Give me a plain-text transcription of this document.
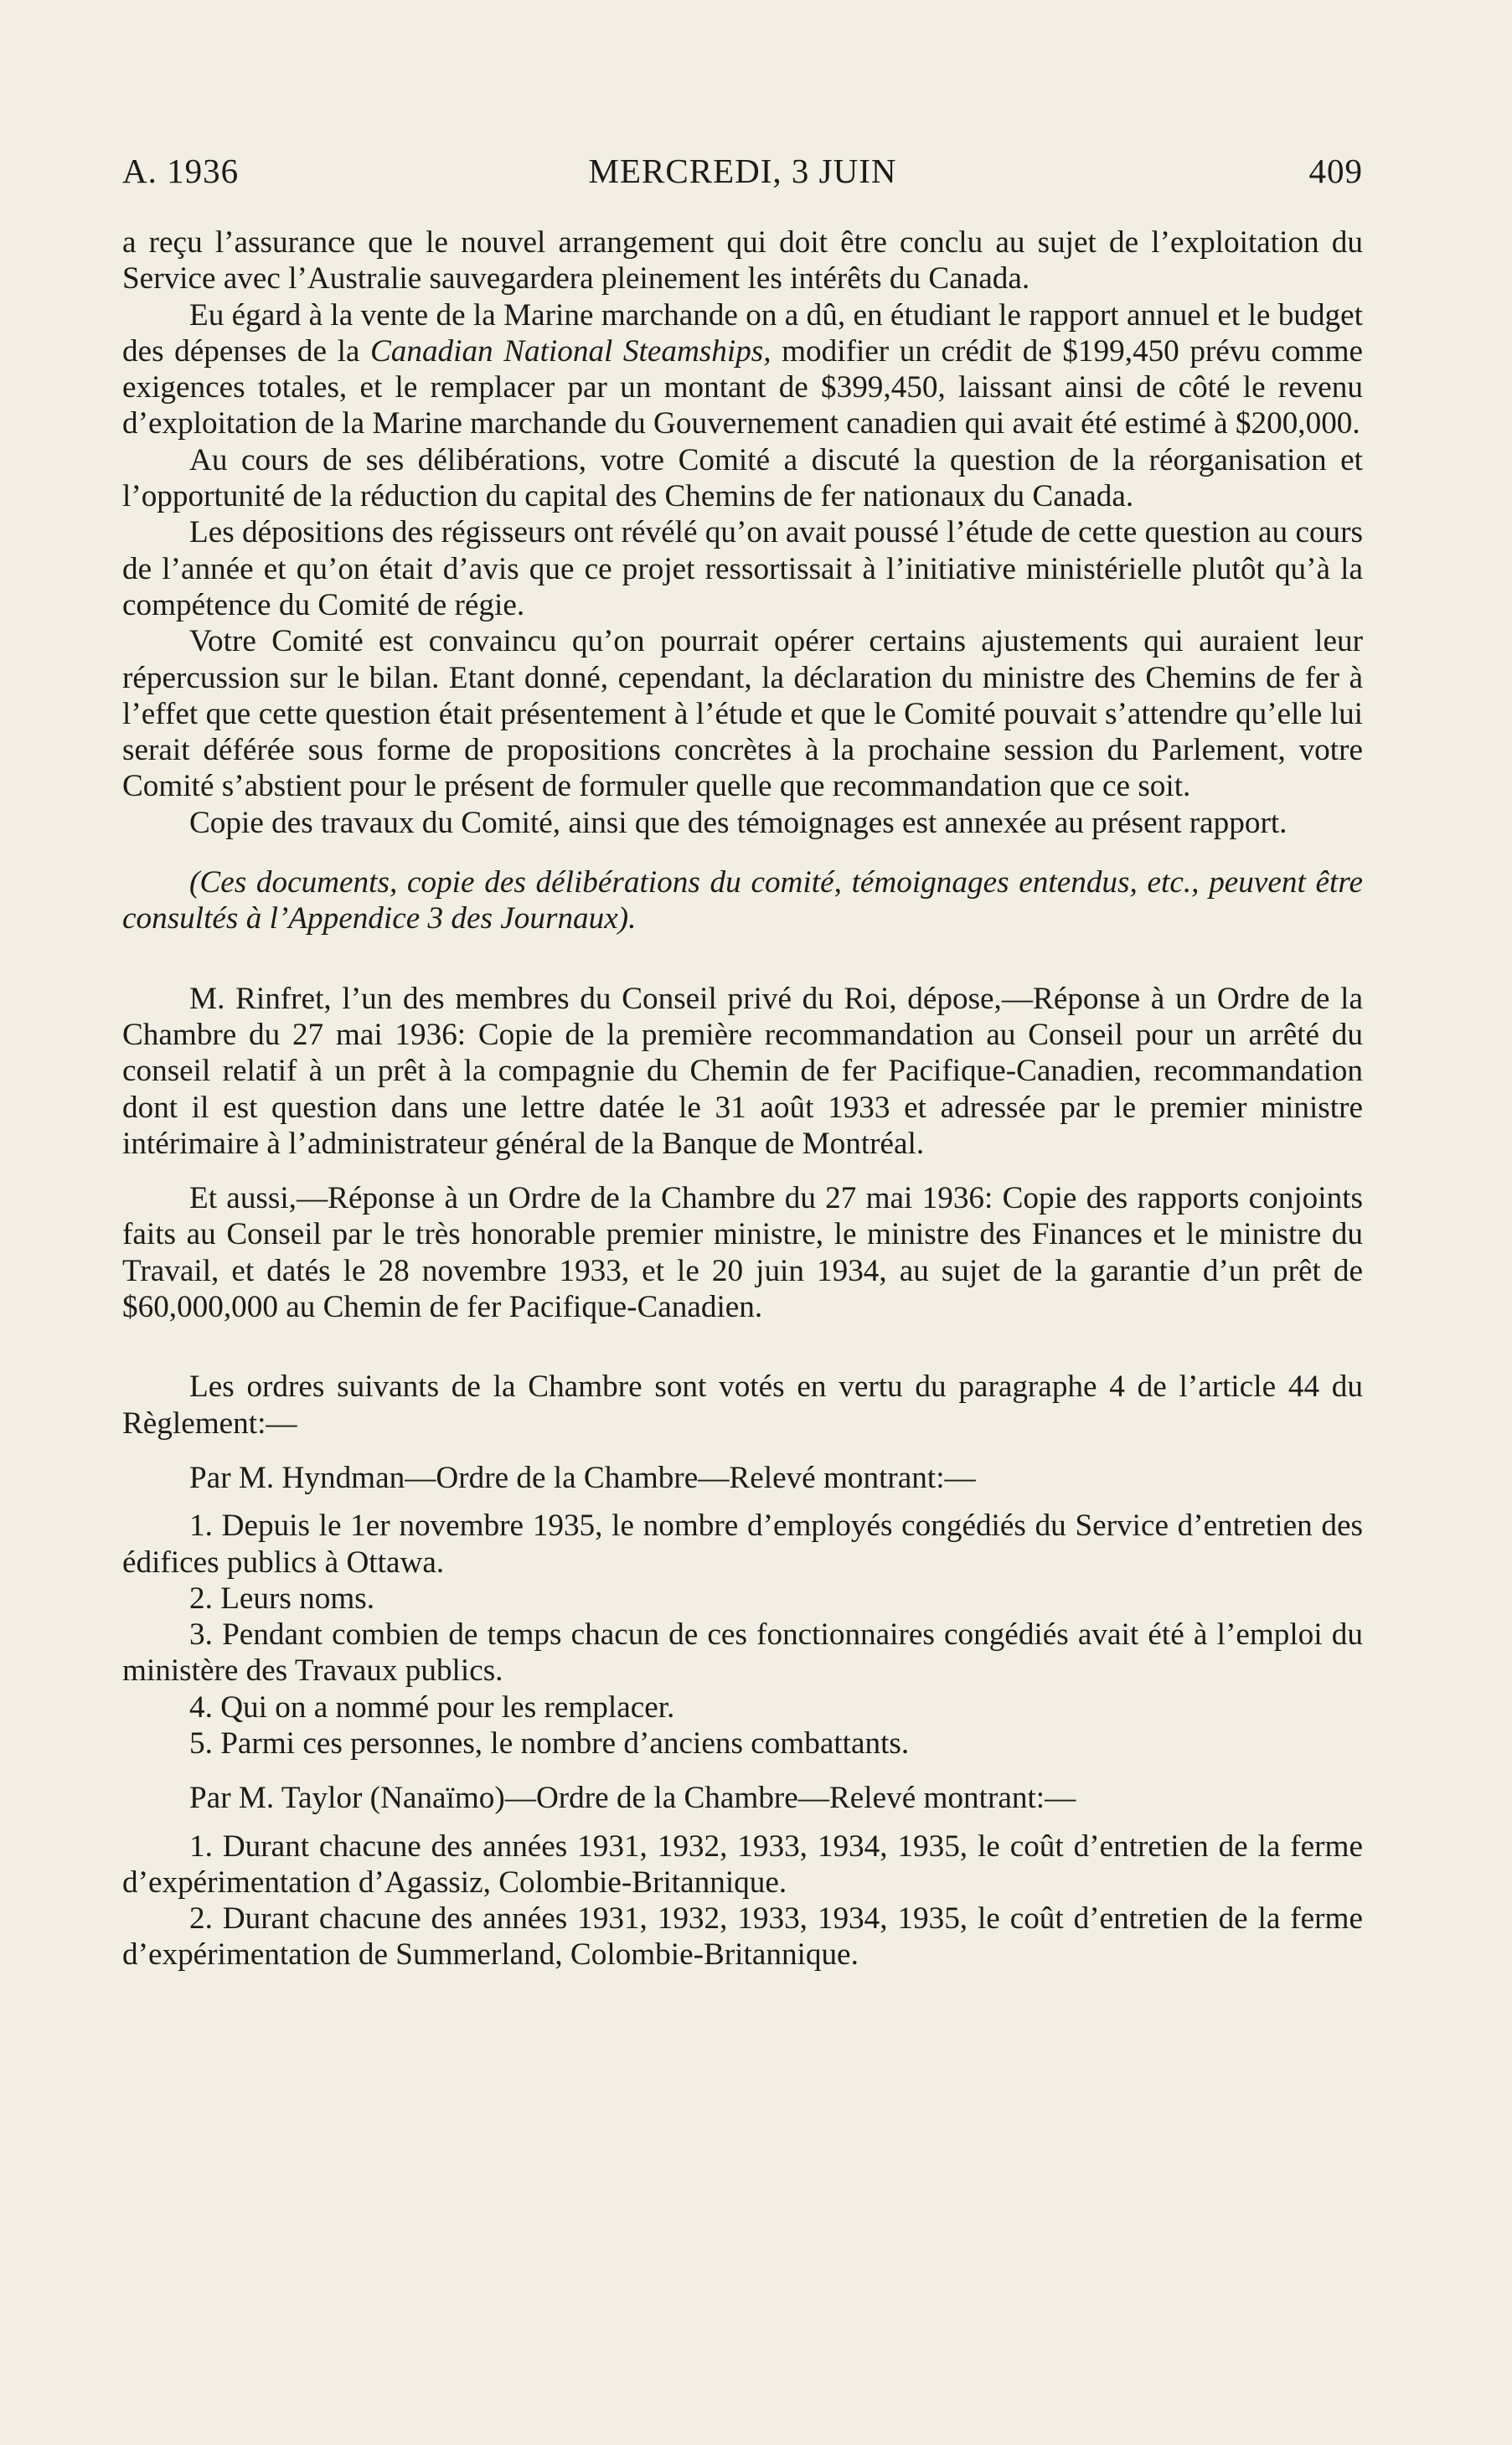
A. 1936	MERCREDI, 3 JUIN	409

a reçu l’assurance que le nouvel arrangement qui doit être conclu au sujet de l’exploitation du Service avec l’Australie sauvegardera pleinement les intérêts du Canada.

Eu égard à la vente de la Marine marchande on a dû, en étudiant le rapport annuel et le budget des dépenses de la Canadian National Steamships, modifier un crédit de $199,450 prévu comme exigences totales, et le remplacer par un montant de $399,450, laissant ainsi de côté le revenu d’exploitation de la Marine marchande du Gouvernement canadien qui avait été estimé à $200,000.

Au cours de ses délibérations, votre Comité a discuté la question de la réorganisation et l’opportunité de la réduction du capital des Chemins de fer nationaux du Canada.

Les dépositions des régisseurs ont révélé qu’on avait poussé l’étude de cette question au cours de l’année et qu’on était d’avis que ce projet ressortissait à l’initiative ministérielle plutôt qu’à la compétence du Comité de régie.

Votre Comité est convaincu qu’on pourrait opérer certains ajustements qui auraient leur répercussion sur le bilan. Etant donné, cependant, la déclaration du ministre des Chemins de fer à l’effet que cette question était présentement à l’étude et que le Comité pouvait s’attendre qu’elle lui serait déférée sous forme de propositions concrètes à la prochaine session du Parlement, votre Comité s’abstient pour le présent de formuler quelle que recommandation que ce soit.

Copie des travaux du Comité, ainsi que des témoignages est annexée au présent rapport.

(Ces documents, copie des délibérations du comité, témoignages entendus, etc., peuvent être consultés à l’Appendice 3 des Journaux).

M. Rinfret, l’un des membres du Conseil privé du Roi, dépose,—Réponse à un Ordre de la Chambre du 27 mai 1936: Copie de la première recommandation au Conseil pour un arrêté du conseil relatif à un prêt à la compagnie du Chemin de fer Pacifique-Canadien, recommandation dont il est question dans une lettre datée le 31 août 1933 et adressée par le premier ministre intérimaire à l’administrateur général de la Banque de Montréal.

Et aussi,—Réponse à un Ordre de la Chambre du 27 mai 1936: Copie des rapports conjoints faits au Conseil par le très honorable premier ministre, le ministre des Finances et le ministre du Travail, et datés le 28 novembre 1933, et le 20 juin 1934, au sujet de la garantie d’un prêt de $60,000,000 au Chemin de fer Pacifique-Canadien.

Les ordres suivants de la Chambre sont votés en vertu du paragraphe 4 de l’article 44 du Règlement:—

Par M. Hyndman—Ordre de la Chambre—Relevé montrant:—

1. Depuis le 1er novembre 1935, le nombre d’employés congédiés du Service d’entretien des édifices publics à Ottawa.

2. Leurs noms.

3. Pendant combien de temps chacun de ces fonctionnaires congédiés avait été à l’emploi du ministère des Travaux publics.

4. Qui on a nommé pour les remplacer.

5. Parmi ces personnes, le nombre d’anciens combattants.

Par M. Taylor (Nanaïmo)—Ordre de la Chambre—Relevé montrant:—

1. Durant chacune des années 1931, 1932, 1933, 1934, 1935, le coût d’entretien de la ferme d’expérimentation d’Agassiz, Colombie-Britannique.

2. Durant chacune des années 1931, 1932, 1933, 1934, 1935, le coût d’entretien de la ferme d’expérimentation de Summerland, Colombie-Britannique.
